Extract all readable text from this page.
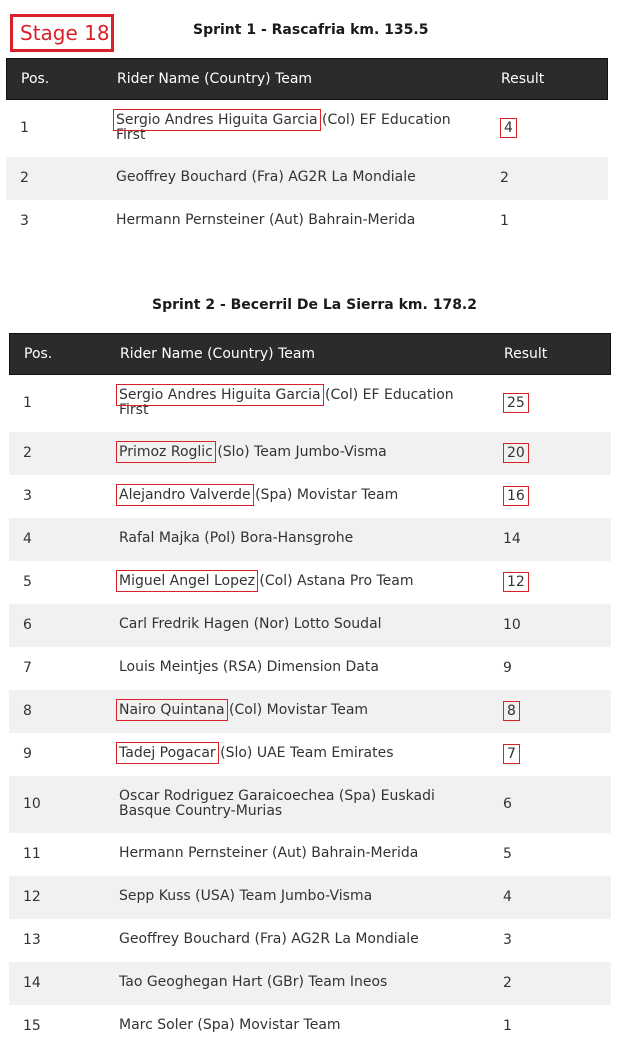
Stage 18	Sprint 1 - Rascafria km. 135.5
Pos.	Rider Name (Country) Team	Result
1	Sergio Andres Higuita Garcia (Col) EF Education First	4
2	Geoffrey Bouchard (Fra) AG2R La Mondiale	2
3	Hermann Pernsteiner (Aut) Bahrain-Merida	1
Sprint 2 - Becerril De La Sierra km. 178.2
Pos.	Rider Name (Country) Team	Result
1	Sergio Andres Higuita Garcia (Col) EF Education First	25
2	Primoz Roglic (Slo) Team Jumbo-Visma	20
3	Alejandro Valverde (Spa) Movistar Team	16
4	Rafal Majka (Pol) Bora-Hansgrohe	14
5	Miguel Angel Lopez (Col) Astana Pro Team	12
6	Carl Fredrik Hagen (Nor) Lotto Soudal	10
7	Louis Meintjes (RSA) Dimension Data	9
8	Nairo Quintana (Col) Movistar Team	8
9	Tadej Pogacar (Slo) UAE Team Emirates	7
10	Oscar Rodriguez Garaicoechea (Spa) Euskadi Basque Country-Murias	6
11	Hermann Pernsteiner (Aut) Bahrain-Merida	5
12	Sepp Kuss (USA) Team Jumbo-Visma	4
13	Geoffrey Bouchard (Fra) AG2R La Mondiale	3
14	Tao Geoghegan Hart (GBr) Team Ineos	2
15	Marc Soler (Spa) Movistar Team	1
